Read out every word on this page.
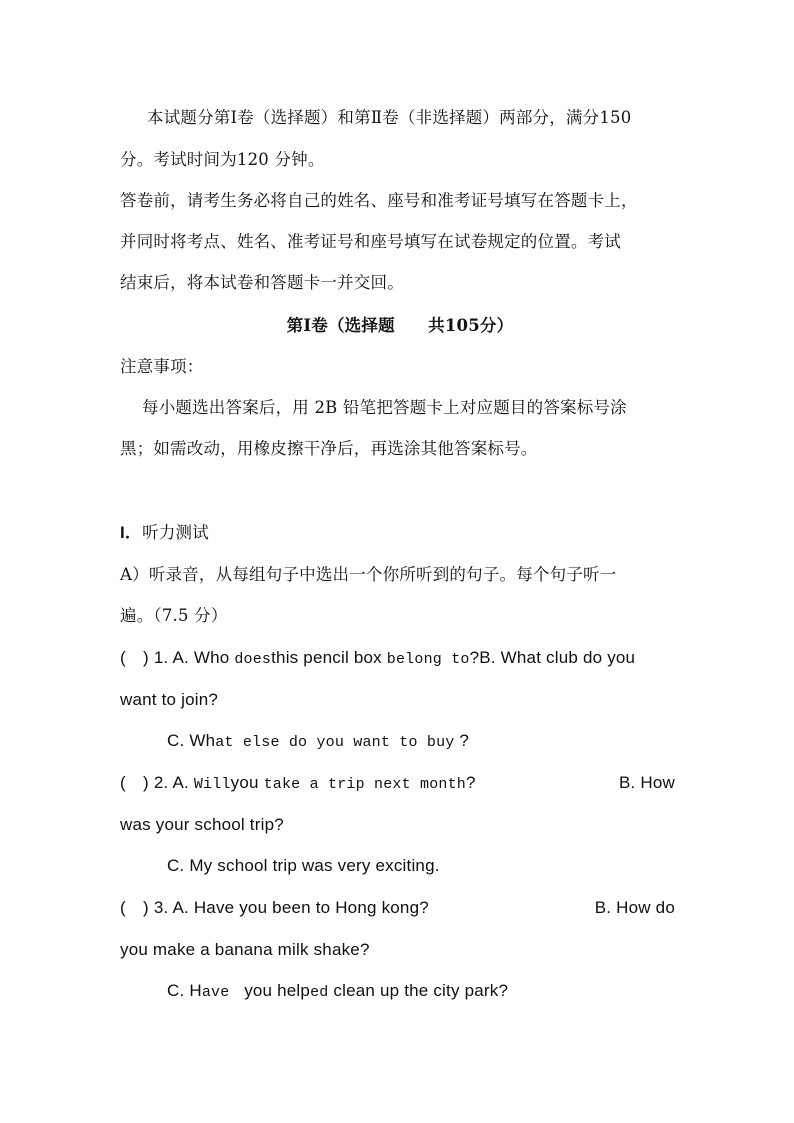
本试题分第Ⅰ卷（选择题）和第Ⅱ卷（非选择题）两部分，满分150
分。考试时间为120 分钟。
答卷前，请考生务必将自己的姓名、座号和准考证号填写在答题卡上，
并同时将考点、姓名、准考证号和座号填写在试卷规定的位置。考试
结束后，将本试卷和答题卡一并交回。
第Ⅰ卷（选择题　　共105分）
注意事项：
每小题选出答案后，用 2B 铅笔把答题卡上对应题目的答案标号涂
黑；如需改动，用橡皮擦干净后，再选涂其他答案标号。
I．听力测试
A）听录音，从每组句子中选出一个你所听到的句子。每个句子听一
遍。（7.5 分）
(　) 1. A. Who doesthis pencil box belong to?B. What club do you
want to join?
C. What else do you want to buy ?
(　) 2. A. Willyou take a trip next month?	B. How
was your school trip?
C. My school trip was very exciting.
(　) 3. A. Have you been to Hong kong?	B. How do
you make a banana milk shake?
C. Have   you helped clean up the city park?
